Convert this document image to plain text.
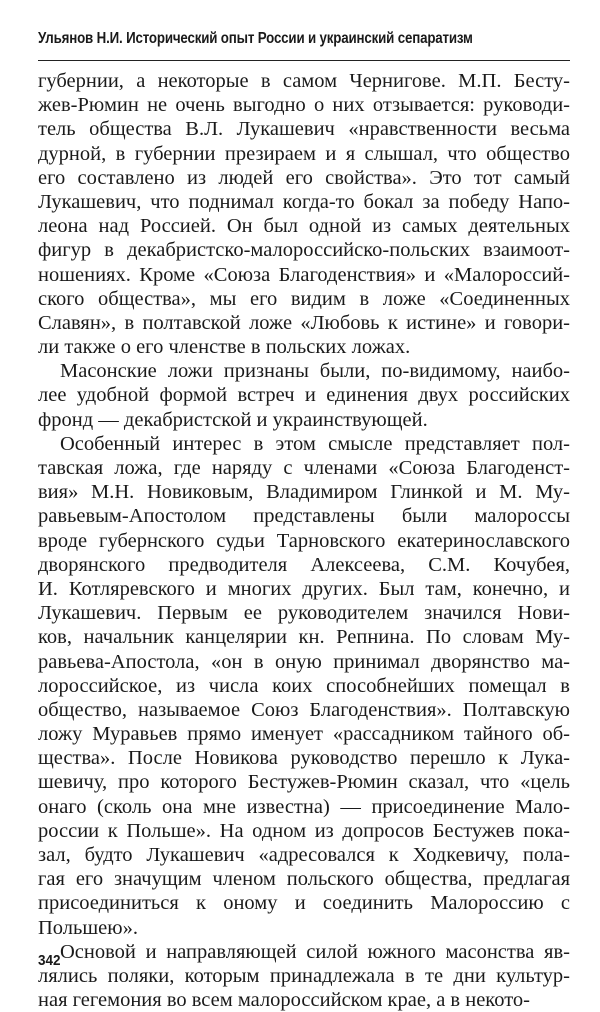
Ульянов Н.И. Исторический опыт России и украинский сепаратизм
губернии, а некоторые в самом Чернигове. М.П. Бесту-
жев-Рюмин не очень выгодно о них отзывается: руководи-
тель общества В.Л. Лукашевич «нравственности весьма
дурной, в губернии презираем и я слышал, что общество
его составлено из людей его свойства». Это тот самый
Лукашевич, что поднимал когда-то бокал за победу Напо-
леона над Россией. Он был одной из самых деятельных
фигур в декабристско-малороссийско-польских взаимоот-
ношениях. Кроме «Союза Благоденствия» и «Малороссий-
ского общества», мы его видим в ложе «Соединенных
Славян», в полтавской ложе «Любовь к истине» и говори-
ли также о его членстве в польских ложах.
Масонские ложи признаны были, по-видимому, наибо-
лее удобной формой встреч и единения двух российских
фронд — декабристской и украинствующей.
Особенный интерес в этом смысле представляет пол-
тавская ложа, где наряду с членами «Союза Благоденст-
вия» М.Н. Новиковым, Владимиром Глинкой и М. Му-
равьевым-Апостолом представлены были малороссы
вроде губернского судьи Тарновского екатеринославского
дворянского предводителя Алексеева, С.М. Кочубея,
И. Котляревского и многих других. Был там, конечно, и
Лукашевич. Первым ее руководителем значился Нови-
ков, начальник канцелярии кн. Репнина. По словам Му-
равьева-Апостола, «он в оную принимал дворянство ма-
лороссийское, из числа коих способнейших помещал в
общество, называемое Союз Благоденствия». Полтавскую
ложу Муравьев прямо именует «рассадником тайного об-
щества». После Новикова руководство перешло к Лука-
шевичу, про которого Бестужев-Рюмин сказал, что «цель
онаго (сколь она мне известна) — присоединение Мало-
россии к Польше». На одном из допросов Бестужев пока-
зал, будто Лукашевич «адресовался к Ходкевичу, пола-
гая его значущим членом польского общества, предлагая
присоединиться к оному и соединить Малороссию с
Польшею».
Основой и направляющей силой южного масонства яв-
лялись поляки, которым принадлежала в те дни культур-
ная гегемония во всем малороссийском крае, а в некото-
342
